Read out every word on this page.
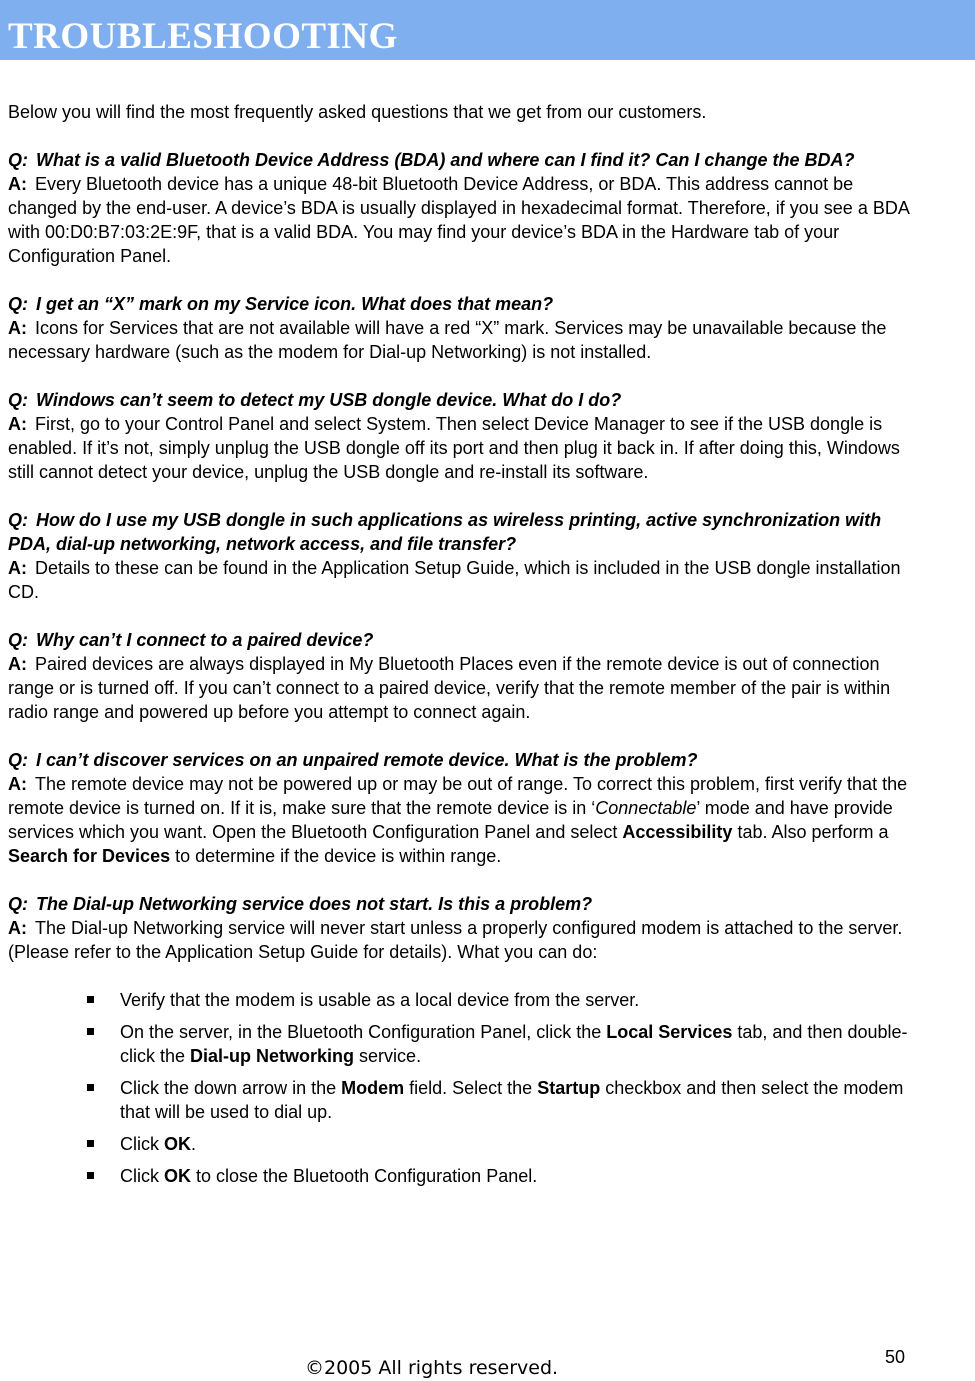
TROUBLESHOOTING

Below you will find the most frequently asked questions that we get from our customers.

Q: What is a valid Bluetooth Device Address (BDA) and where can I find it? Can I change the BDA?

A: Every Bluetooth device has a unique 48-bit Bluetooth Device Address, or BDA. This address cannot be changed by the end-user. A device’s BDA is usually displayed in hexadecimal format. Therefore, if you see a BDA with 00:D0:B7:03:2E:9F, that is a valid BDA. You may find your device’s BDA in the Hardware tab of your Configuration Panel.

Q: I get an “X” mark on my Service icon. What does that mean?

A: Icons for Services that are not available will have a red “X” mark. Services may be unavailable because the necessary hardware (such as the modem for Dial-up Networking) is not installed.

Q: Windows can’t seem to detect my USB dongle device. What do I do?

A: First, go to your Control Panel and select System. Then select Device Manager to see if the USB dongle is enabled. If it’s not, simply unplug the USB dongle off its port and then plug it back in. If after doing this, Windows still cannot detect your device, unplug the USB dongle and re-install its software.

Q: How do I use my USB dongle in such applications as wireless printing, active synchronization with PDA, dial-up networking, network access, and file transfer?

A: Details to these can be found in the Application Setup Guide, which is included in the USB dongle installation CD.

Q: Why can’t I connect to a paired device?

A: Paired devices are always displayed in My Bluetooth Places even if the remote device is out of connection range or is turned off. If you can’t connect to a paired device, verify that the remote member of the pair is within radio range and powered up before you attempt to connect again.

Q: I can’t discover services on an unpaired remote device. What is the problem?

A: The remote device may not be powered up or may be out of range. To correct this problem, first verify that the remote device is turned on. If it is, make sure that the remote device is in ‘Connectable’ mode and have provide services which you want. Open the Bluetooth Configuration Panel and select Accessibility tab. Also perform a Search for Devices to determine if the device is within range.

Q: The Dial-up Networking service does not start. Is this a problem?

A: The Dial-up Networking service will never start unless a properly configured modem is attached to the server. (Please refer to the Application Setup Guide for details). What you can do:

Verify that the modem is usable as a local device from the server.
On the server, in the Bluetooth Configuration Panel, click the Local Services tab, and then double-click the Dial-up Networking service.
Click the down arrow in the Modem field. Select the Startup checkbox and then select the modem that will be used to dial up.
Click OK.
Click OK to close the Bluetooth Configuration Panel.
©2005 All rights reserved.	50
